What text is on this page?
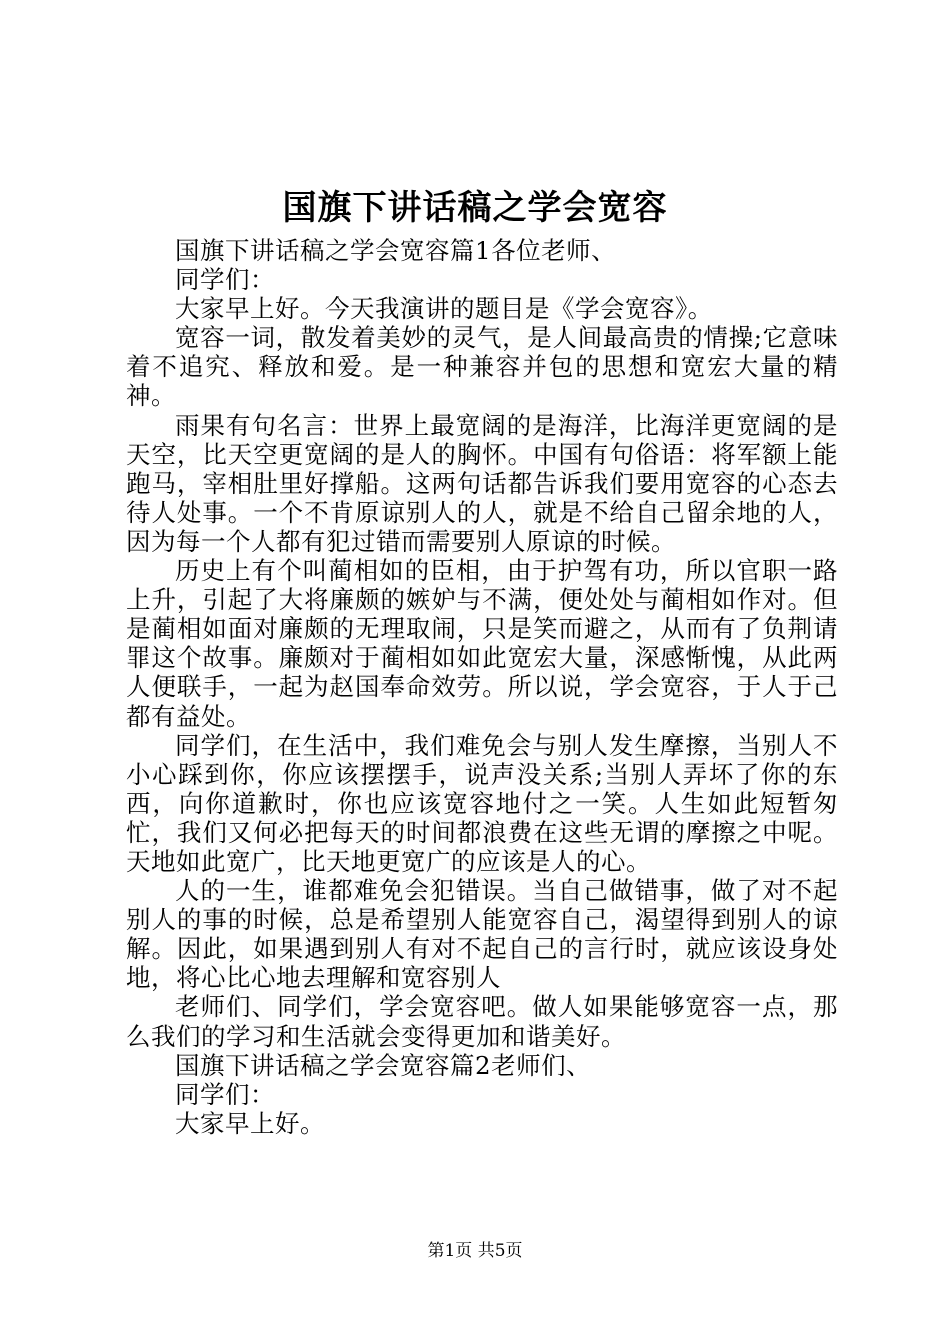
国旗下讲话稿之学会宽容

国旗下讲话稿之学会宽容篇1各位老师、

同学们：

大家早上好。今天我演讲的题目是《学会宽容》。

宽容一词，散发着美妙的灵气，是人间最高贵的情操;它意味着不追究、释放和爱。是一种兼容并包的思想和宽宏大量的精神。

雨果有句名言：世界上最宽阔的是海洋，比海洋更宽阔的是天空，比天空更宽阔的是人的胸怀。中国有句俗语：将军额上能跑马，宰相肚里好撑船。这两句话都告诉我们要用宽容的心态去待人处事。一个不肯原谅别人的人，就是不给自己留余地的人，因为每一个人都有犯过错而需要别人原谅的时候。

历史上有个叫蔺相如的臣相，由于护驾有功，所以官职一路上升，引起了大将廉颇的嫉妒与不满，便处处与蔺相如作对。但是蔺相如面对廉颇的无理取闹，只是笑而避之，从而有了负荆请罪这个故事。廉颇对于蔺相如如此宽宏大量，深感惭愧，从此两人便联手，一起为赵国奉命效劳。所以说，学会宽容，于人于己都有益处。

同学们，在生活中，我们难免会与别人发生摩擦，当别人不小心踩到你，你应该摆摆手，说声没关系;当别人弄坏了你的东西，向你道歉时，你也应该宽容地付之一笑。人生如此短暂匆忙，我们又何必把每天的时间都浪费在这些无谓的摩擦之中呢。天地如此宽广，比天地更宽广的应该是人的心。

人的一生，谁都难免会犯错误。当自己做错事，做了对不起别人的事的时候，总是希望别人能宽容自己，渴望得到别人的谅解。因此，如果遇到别人有对不起自己的言行时，就应该设身处地，将心比心地去理解和宽容别人

老师们、同学们，学会宽容吧。做人如果能够宽容一点，那么我们的学习和生活就会变得更加和谐美好。

国旗下讲话稿之学会宽容篇2老师们、

同学们：

大家早上好。

第1页 共5页
